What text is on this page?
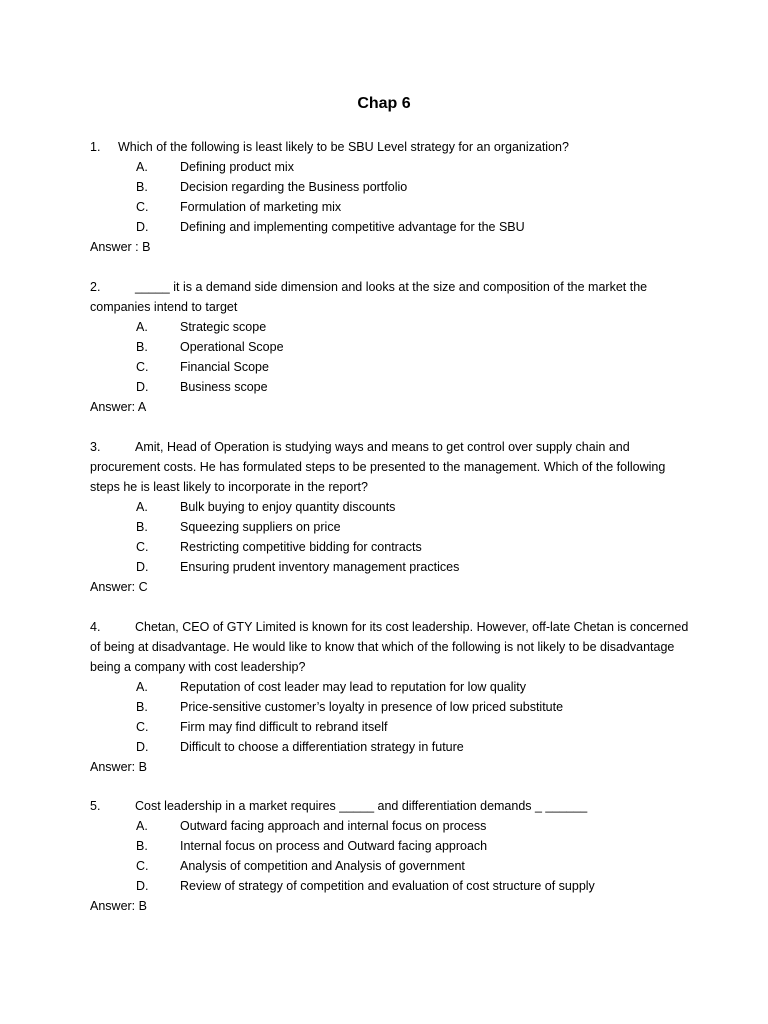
Chap 6
1. Which of the following is least likely to be SBU Level strategy for an organization?
A.	Defining product mix
B.	Decision regarding the Business portfolio
C.	Formulation of marketing mix
D.	Defining and implementing competitive advantage for the SBU
Answer : B
2.	_____ it is a demand side dimension and looks at the size and composition of the market the companies intend to target
A.	Strategic scope
B.	Operational Scope
C.	Financial Scope
D.	Business scope
Answer: A
3.	Amit, Head of Operation is studying ways and means to get control over supply chain and procurement costs. He has formulated steps to be presented to the management. Which of the following steps he is least likely to incorporate in the report?
A.	Bulk buying to enjoy quantity discounts
B.	Squeezing suppliers on price
C.	Restricting competitive bidding for contracts
D.	Ensuring prudent inventory management practices
Answer: C
4.	Chetan, CEO of GTY Limited is known for its cost leadership. However, off-late Chetan is concerned of being at disadvantage. He would like to know that which of the following is not likely to be disadvantage being a company with cost leadership?
A.	Reputation of cost leader may lead to reputation for low quality
B.	Price-sensitive customer’s loyalty in presence of low priced substitute
C.	Firm may find difficult to rebrand itself
D.	Difficult to choose a differentiation strategy in future
Answer: B
5.	Cost leadership in a market requires _____ and differentiation demands _ ______
A.	Outward facing approach and internal focus on process
B.	Internal focus on process and Outward facing approach
C.	Analysis of competition and Analysis of government
D.	Review of strategy of competition and evaluation of cost structure of supply
Answer: B
